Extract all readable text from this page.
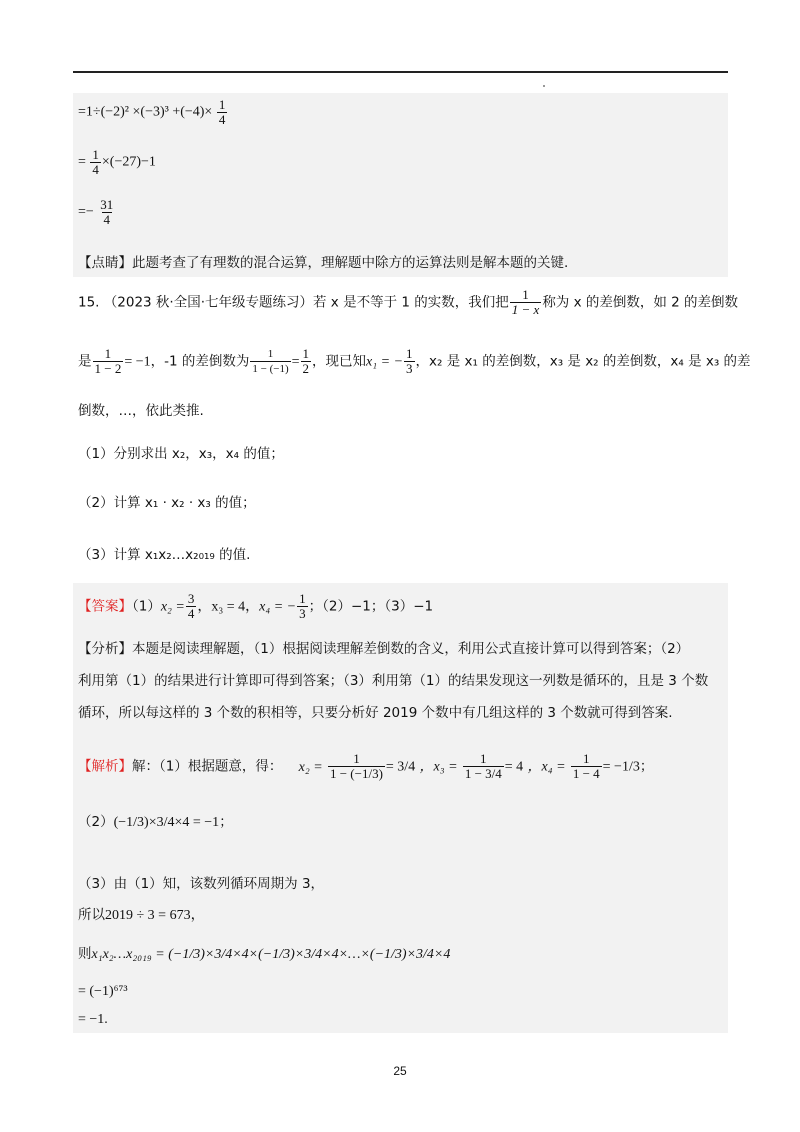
$=1\div(-2)^2 \times(-3)^3 +(-4)\times \frac{1}{4}$
= $\frac{1}{4} \times(-27)-1$
=− $\frac{31}{4}$
【点睛】此题考查了有理数的混合运算，理解题中除方的运算法则是解本题的关键.
15. （2023 秋·全国·七年级专题练习）若 x 是不等于 1 的实数，我们把 $\frac{1}{1 - x}$ 称为 x 的差倒数，如 2 的差倒数
是 $\frac{1}{1 - 2} = -1$，-1 的差倒数为 $\frac{1}{1 - (-1)} = \frac{1}{2}$ ，现已知x₁ = − $\frac{1}{3}$ ，x₂ 是 x₁ 的差倒数，x₃ 是 x₂ 的差倒数，x₄ 是 x₃ 的差
倒数，…，依此类推.
（1）分别求出 x₂，x₃，x₄ 的值；
（2）计算 x₁ · x₂ · x₃ 的值；
（3）计算 x₁x₂…x₂₀₁₉ 的值.
【答案】$(1)x_2 = \frac{3}{4}$ ，x₃ = 4，x₄ = − $\frac{1}{3}$ ；（2）−1；（3）−1
【分析】本题是阅读理解题，（1）根据阅读理解差倒数的含义，利用公式直接计算可以得到答案；（2）
利用第（1）的结果进行计算即可得到答案；（3）利用第（1）的结果发现这一列数是循环的，且是 3 个数
循环，所以每这样的 3 个数的积相等，只要分析好 2019 个数中有几组这样的 3 个数就可得到答案.
【解析】解：（1）根据题意，得： $x_2 = \frac{1}{1 - (-1/3)} = 3/4$ ，$x_3 = \frac{1}{1 - 3/4} = 4$ ，$x_4 = \frac{1}{1 - 4} = -1/3$；
（2）(−1/3)×3/4×4 = −1；
（3）由（1）知，该数列循环周期为 3，
所以2019 ÷ 3 = 673，
则x₁x₂…x₂₀₁₉ = (−1/3)×3/4×4×(−1/3)×3/4×4×…×(−1/3)×3/4×4
= (−1)⁶⁷³
= −1.
25
